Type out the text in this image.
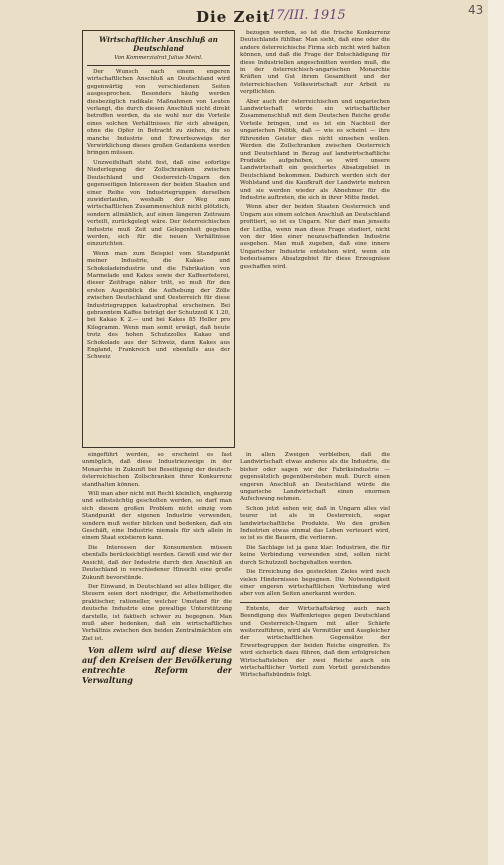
Die Zeit
17/III. 1915	43
Wirtschaftlicher Anschluß an Deutschland
Von Kommerzialrat Julius Meinl.

Der Wunsch nach einem engeren wirtschaftlichen Anschluß an Deutschland wird gegenwärtig von verschiedenen Seiten ausgesprochen. Besonders häufig werden diesbezüglich radikale Maßnahmen von Leuten verlangt, die durch diesen Anschluß nicht direkt betroffen werden, da sie wohl nur die Vorteile eines solchen Verhältnisses für sich abwägen, ohne die Opfer in Betracht zu ziehen, die so manche Industrie und Erwerbszweige der Verwirklichung dieses großen Gedankens werden bringen müssen.

Unzweifelhaft steht fest, daß eine sofortige Niederlegung der Zollschranken zwischen Deutschland und Oesterreich-Ungarn den gegenseitigen Interessen der beiden Staaten und einer Reihe von Industriegruppen derselben zuwiderlaufen, weshalb der Weg zum wirtschaftlichen Zusammenschluß nicht plötzlich, sondern allmählich, auf einen längeren Zeitraum verteilt, zurückgelegt wäre. Der österreichischen Industrie muß Zeit und Gelegenheit gegeben werden, sich für die neuen Verhältnisse einzurichten.

Wenn man zum Beispiel vom Standpunkt meiner Industrie, die Kakao- und Schokoladeindustrie und die Fabrikation von Marmelade und Kakes sowie der Kaffeerösterei, dieser Zeitfrage näher tritt, so muß für den ersten Augenblick die Aufhebung der Zölle zwischen Deutschland und Oesterreich für diese Industriegruppen katastrophal erscheinen. Bei gebranntem Kaffee beträgt der Schutzzoll K 1.20, bei Kakao K 2.— und bei Kakes 85 Heller pro Kilogramm. Wenn man somit erwägt, daß heute trotz des hohen Schutzzolles Kakao und Schokolade aus der Schweiz, dann Kakes aus England, Frankreich und ebenfalls aus der Schweiz

bezogen werden, so ist die frische Konkurrenz Deutschlands fühlbar. Man sieht, daß eine oder die andere österreichische Firma sich nicht wird halten können, und daß die Frage der Entschädigung für diese Industriellen angeschnitten werden muß, die in der österreichisch-ungarischen Monarchie Kräften und Gut ihrem Gesamtheit und der österreichischen Volkswirtschaft zur Arbeit zu verpflichten.

Aber auch der österreichischen und ungarischen Landwirtschaft würde ein wirtschaftlicher Zusammenschluß mit dem Deutschen Reiche große Vorteile bringen, und es ist ein Nachteil der ungarischen Politik, daß — wie es scheint — ihre führenden Geister dies nicht einsehen wollen. Werden die Zollschranken zwischen Oesterreich und Deutschland in Bezug auf landwirtschaftliche Produkte aufgehoben, so wird unsere Landwirtschaft ein gesichertes Absatzgebiet in Deutschland bekommen. Dadurch werden sich der Wohlstand und die Kaufkraft der Landwirte mehren und sie werden wieder als Abnehmer für die Industrie auftreten, die sich in ihrer Mitte findet.

Wenn aber der beiden Staaten Oesterreich und Ungarn aus einem solchen Anschluß an Deutschland profitiert, so ist es Ungarn. Nur darf man jenseits der Leitha, wenn man diese Frage studiert, nicht von der Idee einer neuzuschaffenden Industrie ausgehen. Man muß zugeben, daß eine innere Ungarischer Industrie entstehen wird, wenn ein bedeutsames Absatzgebiet für diese Erzeugnisse geschaffen wird.

eingeführt werden, so erscheint es fast unmöglich, daß diese Industriezweige in der Monarchie in Zukunft bei Beseitigung der deutsch-österreichischen Zollschranken ihrer Konkurrenz standhalten können.

Will man aber nicht mit Recht kleinlich, engherzig und selbstsüchtig gescholten werden, so darf man sich diesem großen Problem nicht einzig vom Standpunkt der eigenen Industrie verwenden, sondern muß weiter blicken und bedenken, daß ein Geschäft, eine Industrie niemals für sich allein in einem Staat existieren kann.

Die Interessen der Konsumenten müssen ebenfalls berücksichtigt werden. Gewiß sind wir der Ansicht, daß der Industrie durch den Anschluß an Deutschland in verschiedener Hinsicht eine große Zukunft bevorstünde.

Der Einwand, in Deutschland sei alles billiger, die Steuern seien dort niedriger, die Arbeitsmethoden praktischer, rationeller, welcher Umstand für die deutsche Industrie eine gewaltige Unterstützung darstelle, ist faktisch schwer zu begegnen. Man muß aber bedenken, daß ein wirtschaftliches Verhältnis zwischen den beiden Zentralmächten ein Ziel ist.

Von allem wird auf diese Weise auf den Kreisen der Bevölkerung entrechte Reform der Verwaltung

in allen Zweigen verbleiben, daß die Landwirtschaft etwas anderes als die Industrie, die bisher oder sagen wir der Fabriksindustrie — gegensätzlich gegenüberstehen muß. Durch einen engeren Anschluß an Deutschland würde die ungarische Landwirtschaft einen enormen Aufschwung nehmen.

Schon jetzt sehen wir, daß in Ungarn alles viel teurer ist als in Oesterreich, sogar landwirtschaftliche Produkte. Wo den großen Industrien etwas einmal das Leben verteuert wird, so ist es die Bauern, die verlieren.

Die Sachlage ist ja ganz klar: Industrien, die für keine Verbindung verwenden sind, sollen nicht durch Schutzzoll hochgehalten werden.

Die Erreichung des gesteckten Zieles wird noch vielen Hindernissen begegnen. Die Notwendigkeit einer engeren wirtschaftlichen Verbindung wird aber von allen Seiten anerkannt werden.

Entente, der Wirtschaftskrieg auch nach Beendigung des Waffenkrieges gegen Deutschland und Oesterreich-Ungarn mit aller Schärfe weiterzuführen, wird als Vermittler und Ausgleicher der wirtschaftlichen Gegensätze der Erwerbsgruppen der beiden Reiche eingreifen. Es wird sicherlich dazu führen, daß dem erfolgreichen Wirtschaftsleben der zwei Reiche auch ein wirtschaftlicher Vorteil zum Vorteil gereichendes Wirtschaftsbündnis folgt.
